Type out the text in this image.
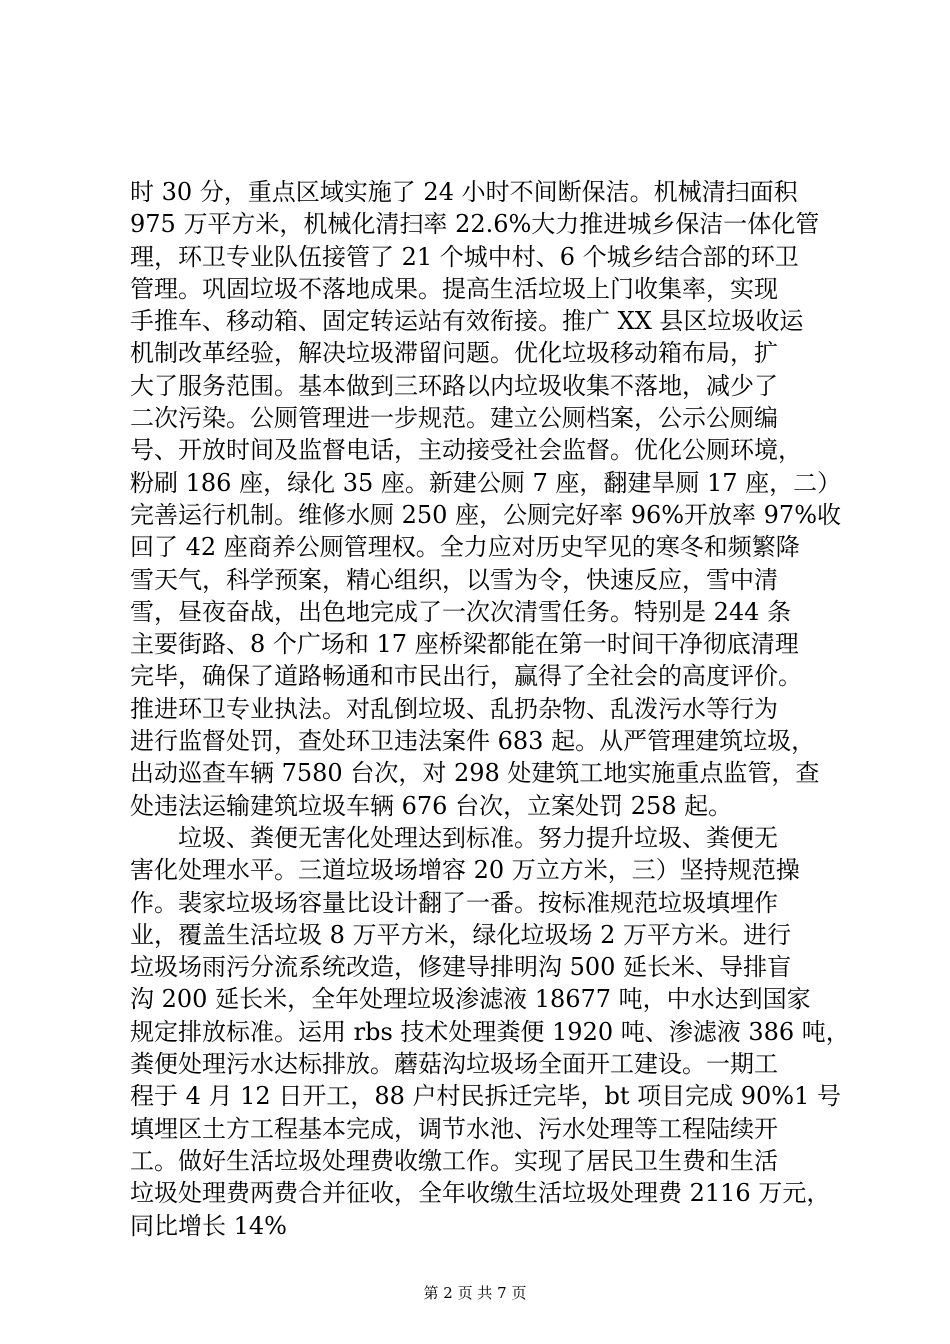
时 30 分，重点区域实施了 24 小时不间断保洁。机械清扫面积
975 万平方米，机械化清扫率 22.6%大力推进城乡保洁一体化管
理，环卫专业队伍接管了 21 个城中村、6 个城乡结合部的环卫
管理。巩固垃圾不落地成果。提高生活垃圾上门收集率，实现
手推车、移动箱、固定转运站有效衔接。推广 XX 县区垃圾收运
机制改革经验，解决垃圾滞留问题。优化垃圾移动箱布局，扩
大了服务范围。基本做到三环路以内垃圾收集不落地，减少了
二次污染。公厕管理进一步规范。建立公厕档案，公示公厕编
号、开放时间及监督电话，主动接受社会监督。优化公厕环境，
粉刷 186 座，绿化 35 座。新建公厕 7 座，翻建旱厕 17 座，二）
完善运行机制。维修水厕 250 座，公厕完好率 96%开放率 97%收
回了 42 座商养公厕管理权。全力应对历史罕见的寒冬和频繁降
雪天气，科学预案，精心组织，以雪为令，快速反应，雪中清
雪，昼夜奋战，出色地完成了一次次清雪任务。特别是 244 条
主要街路、8 个广场和 17 座桥梁都能在第一时间干净彻底清理
完毕，确保了道路畅通和市民出行，赢得了全社会的高度评价。
推进环卫专业执法。对乱倒垃圾、乱扔杂物、乱泼污水等行为
进行监督处罚，查处环卫违法案件 683 起。从严管理建筑垃圾，
出动巡查车辆 7580 台次，对 298 处建筑工地实施重点监管，查
处违法运输建筑垃圾车辆 676 台次，立案处罚 258 起。
垃圾、粪便无害化处理达到标准。努力提升垃圾、粪便无
害化处理水平。三道垃圾场增容 20 万立方米，三）坚持规范操
作。裴家垃圾场容量比设计翻了一番。按标准规范垃圾填埋作
业，覆盖生活垃圾 8 万平方米，绿化垃圾场 2 万平方米。进行
垃圾场雨污分流系统改造，修建导排明沟 500 延长米、导排盲
沟 200 延长米，全年处理垃圾渗滤液 18677 吨，中水达到国家
规定排放标准。运用 rbs 技术处理粪便 1920 吨、渗滤液 386 吨，
粪便处理污水达标排放。蘑菇沟垃圾场全面开工建设。一期工
程于 4 月 12 日开工，88 户村民拆迁完毕，bt 项目完成 90%1 号
填埋区土方工程基本完成，调节水池、污水处理等工程陆续开
工。做好生活垃圾处理费收缴工作。实现了居民卫生费和生活
垃圾处理费两费合并征收，全年收缴生活垃圾处理费 2116 万元，
同比增长 14%
第 2 页 共 7 页
